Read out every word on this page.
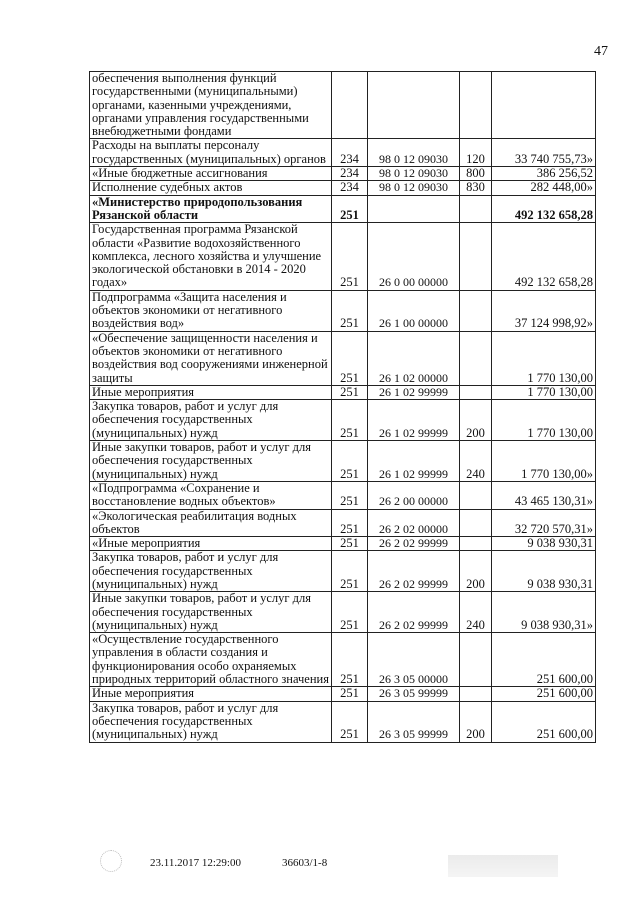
47
обеспечения выполнения функций государственными (муниципальными) органами, казенными учреждениями, органами управления государственными внебюджетными фондами				
Расходы на выплаты персоналу государственных (муниципальных) органов	234	98 0 12 09030	120	33 740 755,73»
«Иные бюджетные ассигнования	234	98 0 12 09030	800	386 256,52
Исполнение судебных актов	234	98 0 12 09030	830	282 448,00»
«Министерство природопользования Рязанской области	251			492 132 658,28
Государственная программа Рязанской области «Развитие водохозяйственного комплекса, лесного хозяйства и улучшение экологической обстановки в 2014 - 2020 годах»	251	26 0 00 00000		492 132 658,28
Подпрограмма «Защита населения и объектов экономики от негативного воздействия вод»	251	26 1 00 00000		37 124 998,92»
«Обеспечение защищенности населения и объектов экономики от негативного воздействия вод сооружениями инженерной защиты	251	26 1 02 00000		1 770 130,00
Иные мероприятия	251	26 1 02 99999		1 770 130,00
Закупка товаров, работ и услуг для обеспечения государственных (муниципальных) нужд	251	26 1 02 99999	200	1 770 130,00
Иные закупки товаров, работ и услуг для обеспечения государственных (муниципальных) нужд	251	26 1 02 99999	240	1 770 130,00»
«Подпрограмма «Сохранение и восстановление водных объектов»	251	26 2 00 00000		43 465 130,31»
«Экологическая реабилитация водных объектов	251	26 2 02 00000		32 720 570,31»
«Иные мероприятия	251	26 2 02 99999		9 038 930,31
Закупка товаров, работ и услуг для обеспечения государственных (муниципальных) нужд	251	26 2 02 99999	200	9 038 930,31
Иные закупки товаров, работ и услуг для обеспечения государственных (муниципальных) нужд	251	26 2 02 99999	240	9 038 930,31»
«Осуществление государственного управления в области создания и функционирования особо охраняемых природных территорий областного значения	251	26 3 05 00000		251 600,00
Иные мероприятия	251	26 3 05 99999		251 600,00
Закупка товаров, работ и услуг для обеспечения государственных (муниципальных) нужд	251	26 3 05 99999	200	251 600,00
23.11.2017 12:29:00	36603/1-8
